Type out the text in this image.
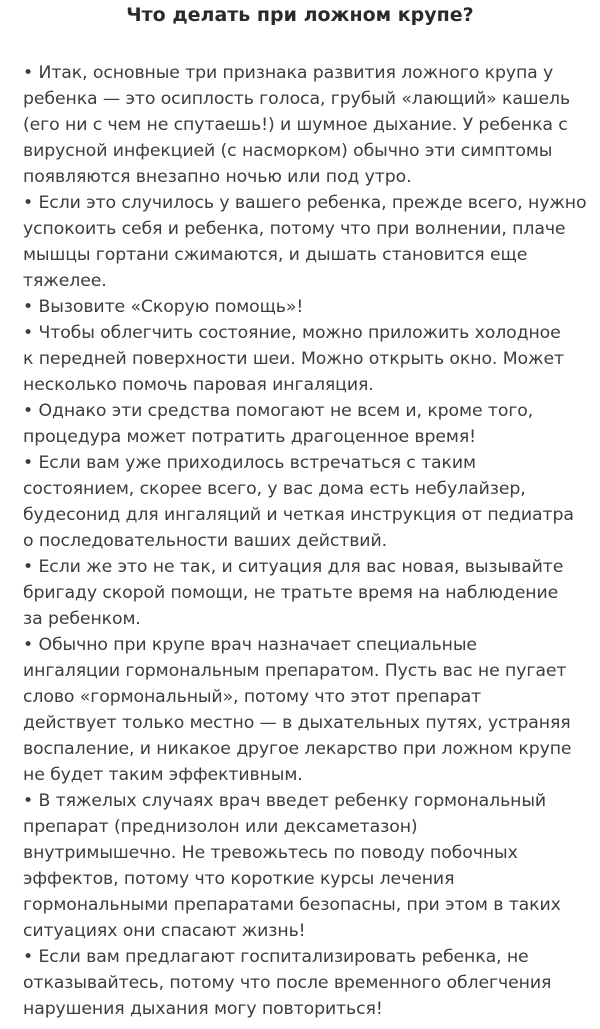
Что делать при ложном крупе?
• Итак, основные три признака развития ложного крупа у
ребенка — это осиплость голоса, грубый «лающий» кашель
(его ни с чем не спутаешь!) и шумное дыхание. У ребенка с
вирусной инфекцией (с насморком) обычно эти симптомы
появляются внезапно ночью или под утро.
• Если это случилось у вашего ребенка, прежде всего, нужно
успокоить себя и ребенка, потому что при волнении, плаче
мышцы гортани сжимаются, и дышать становится еще
тяжелее.
• Вызовите «Скорую помощь»!
• Чтобы облегчить состояние, можно приложить холодное
к передней поверхности шеи. Можно открыть окно. Может
несколько помочь паровая ингаляция.
• Однако эти средства помогают не всем и, кроме того,
процедура может потратить драгоценное время!
• Если вам уже приходилось встречаться с таким
состоянием, скорее всего, у вас дома есть небулайзер,
будесонид для ингаляций и четкая инструкция от педиатра
о последовательности ваших действий.
• Если же это не так, и ситуация для вас новая, вызывайте
бригаду скорой помощи, не тратьте время на наблюдение
за ребенком.
• Обычно при крупе врач назначает специальные
ингаляции гормональным препаратом. Пусть вас не пугает
слово «гормональный», потому что этот препарат
действует только местно — в дыхательных путях, устраняя
воспаление, и никакое другое лекарство при ложном крупе
не будет таким эффективным.
• В тяжелых случаях врач введет ребенку гормональный
препарат (преднизолон или дексаметазон)
внутримышечно. Не тревожьтесь по поводу побочных
эффектов, потому что короткие курсы лечения
гормональными препаратами безопасны, при этом в таких
ситуациях они спасают жизнь!
• Если вам предлагают госпитализировать ребенка, не
отказывайтесь, потому что после временного облегчения
нарушения дыхания могу повториться!
